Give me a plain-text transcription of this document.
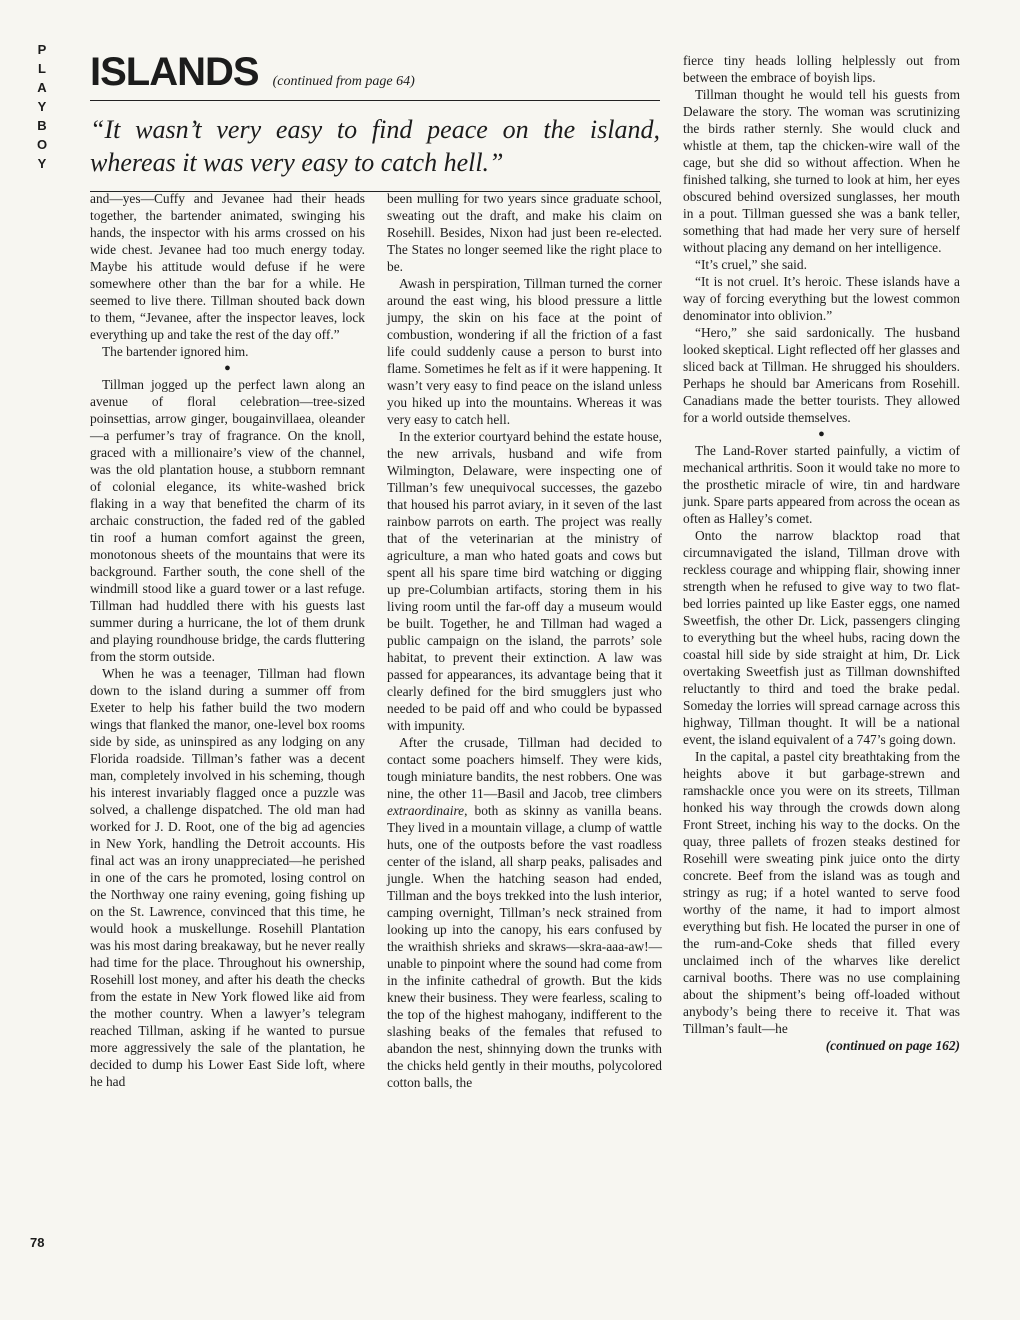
P
L
A
Y
B
O
Y
78
ISLANDS (continued from page 64)
“It wasn’t very easy to find peace on the island, whereas it was very easy to catch hell.”

and—yes—Cuffy and Jevanee had their heads together, the bartender animated, swinging his hands, the inspector with his arms crossed on his wide chest. Jevanee had too much energy today. Maybe his attitude would defuse if he were somewhere other than the bar for a while. He seemed to live there. Tillman shouted back down to them, “Jevanee, after the inspector leaves, lock everything up and take the rest of the day off.”

The bartender ignored him.

●

Tillman jogged up the perfect lawn along an avenue of floral celebration—tree-sized poinsettias, arrow ginger, bougainvillaea, oleander—a perfumer’s tray of fragrance. On the knoll, graced with a millionaire’s view of the channel, was the old plantation house, a stubborn remnant of colonial elegance, its white-washed brick flaking in a way that benefited the charm of its archaic construction, the faded red of the gabled tin roof a human comfort against the green, monotonous sheets of the mountains that were its background. Farther south, the cone shell of the windmill stood like a guard tower or a last refuge. Tillman had huddled there with his guests last summer during a hurricane, the lot of them drunk and playing roundhouse bridge, the cards fluttering from the storm outside.

When he was a teenager, Tillman had flown down to the island during a summer off from Exeter to help his father build the two modern wings that flanked the manor, one-level box rooms side by side, as uninspired as any lodging on any Florida roadside. Tillman’s father was a decent man, completely involved in his scheming, though his interest invariably flagged once a puzzle was solved, a challenge dispatched. The old man had worked for J. D. Root, one of the big ad agencies in New York, handling the Detroit accounts. His final act was an irony unappreciated—he perished in one of the cars he promoted, losing control on the Northway one rainy evening, going fishing up on the St. Lawrence, convinced that this time, he would hook a muskellunge. Rosehill Plantation was his most daring breakaway, but he never really had time for the place. Throughout his ownership, Rosehill lost money, and after his death the checks from the estate in New York flowed like aid from the mother country. When a lawyer’s telegram reached Tillman, asking if he wanted to pursue more aggressively the sale of the plantation, he decided to dump his Lower East Side loft, where he had

been mulling for two years since graduate school, sweating out the draft, and make his claim on Rosehill. Besides, Nixon had just been re-elected. The States no longer seemed like the right place to be.

Awash in perspiration, Tillman turned the corner around the east wing, his blood pressure a little jumpy, the skin on his face at the point of combustion, wondering if all the friction of a fast life could suddenly cause a person to burst into flame. Sometimes he felt as if it were happening. It wasn’t very easy to find peace on the island unless you hiked up into the mountains. Whereas it was very easy to catch hell.

In the exterior courtyard behind the estate house, the new arrivals, husband and wife from Wilmington, Delaware, were inspecting one of Tillman’s few unequivocal successes, the gazebo that housed his parrot aviary, in it seven of the last rainbow parrots on earth. The project was really that of the veterinarian at the ministry of agriculture, a man who hated goats and cows but spent all his spare time bird watching or digging up pre-Columbian artifacts, storing them in his living room until the far-off day a museum would be built. Together, he and Tillman had waged a public campaign on the island, the parrots’ sole habitat, to prevent their extinction. A law was passed for appearances, its advantage being that it clearly defined for the bird smugglers just who needed to be paid off and who could be bypassed with impunity.

After the crusade, Tillman had decided to contact some poachers himself. They were kids, tough miniature bandits, the nest robbers. One was nine, the other 11—Basil and Jacob, tree climbers extraordinaire, both as skinny as vanilla beans. They lived in a mountain village, a clump of wattle huts, one of the outposts before the vast roadless center of the island, all sharp peaks, palisades and jungle. When the hatching season had ended, Tillman and the boys trekked into the lush interior, camping overnight, Tillman’s neck strained from looking up into the canopy, his ears confused by the wraithish shrieks and skraws—skra-aaa-aw!—unable to pinpoint where the sound had come from in the infinite cathedral of growth. But the kids knew their business. They were fearless, scaling to the top of the highest mahogany, indifferent to the slashing beaks of the females that refused to abandon the nest, shinnying down the trunks with the chicks held gently in their mouths, polycolored cotton balls, the

fierce tiny heads lolling helplessly out from between the embrace of boyish lips.

Tillman thought he would tell his guests from Delaware the story. The woman was scrutinizing the birds rather sternly. She would cluck and whistle at them, tap the chicken-wire wall of the cage, but she did so without affection. When he finished talking, she turned to look at him, her eyes obscured behind oversized sunglasses, her mouth in a pout. Tillman guessed she was a bank teller, something that had made her very sure of herself without placing any demand on her intelligence.

“It’s cruel,” she said.

“It is not cruel. It’s heroic. These islands have a way of forcing everything but the lowest common denominator into oblivion.”

“Hero,” she said sardonically. The husband looked skeptical. Light reflected off her glasses and sliced back at Tillman. He shrugged his shoulders. Perhaps he should bar Americans from Rosehill. Canadians made the better tourists. They allowed for a world outside themselves.

●

The Land-Rover started painfully, a victim of mechanical arthritis. Soon it would take no more to the prosthetic miracle of wire, tin and hardware junk. Spare parts appeared from across the ocean as often as Halley’s comet.

Onto the narrow blacktop road that circumnavigated the island, Tillman drove with reckless courage and whipping flair, showing inner strength when he refused to give way to two flat-bed lorries painted up like Easter eggs, one named Sweetfish, the other Dr. Lick, passengers clinging to everything but the wheel hubs, racing down the coastal hill side by side straight at him, Dr. Lick overtaking Sweetfish just as Tillman downshifted reluctantly to third and toed the brake pedal. Someday the lorries will spread carnage across this highway, Tillman thought. It will be a national event, the island equivalent of a 747’s going down.

In the capital, a pastel city breathtaking from the heights above it but garbage-strewn and ramshackle once you were on its streets, Tillman honked his way through the crowds down along Front Street, inching his way to the docks. On the quay, three pallets of frozen steaks destined for Rosehill were sweating pink juice onto the dirty concrete. Beef from the island was as tough and stringy as rug; if a hotel wanted to serve food worthy of the name, it had to import almost everything but fish. He located the purser in one of the rum-and-Coke sheds that filled every unclaimed inch of the wharves like derelict carnival booths. There was no use complaining about the shipment’s being off-loaded without anybody’s being there to receive it. That was Tillman’s fault—he

(continued on page 162)
